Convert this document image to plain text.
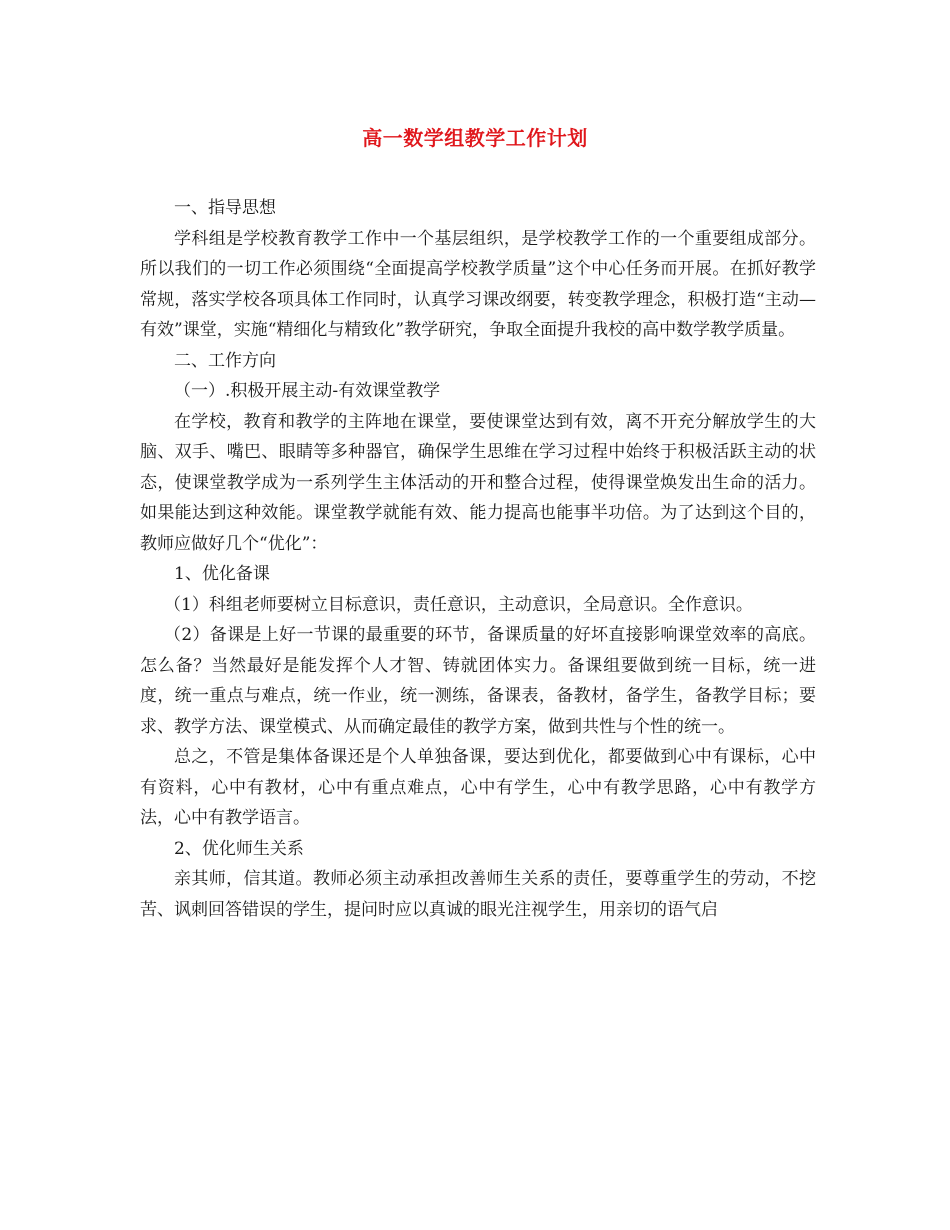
高一数学组教学工作计划

一、指导思想

学科组是学校教育教学工作中一个基层组织，是学校教学工作的一个重要组成部分。所以我们的一切工作必须围绕“全面提高学校教学质量”这个中心任务而开展。在抓好教学常规，落实学校各项具体工作同时，认真学习课改纲要，转变教学理念，积极打造“主动—有效”课堂，实施“精细化与精致化”教学研究，争取全面提升我校的高中数学教学质量。

二、工作方向

（一）.积极开展主动-有效课堂教学

在学校，教育和教学的主阵地在课堂，要使课堂达到有效，离不开充分解放学生的大脑、双手、嘴巴、眼睛等多种器官，确保学生思维在学习过程中始终于积极活跃主动的状态，使课堂教学成为一系列学生主体活动的开和整合过程，使得课堂焕发出生命的活力。如果能达到这种效能。课堂教学就能有效、能力提高也能事半功倍。为了达到这个目的，教师应做好几个“优化”：

1、优化备课

（1）科组老师要树立目标意识，责任意识，主动意识，全局意识。全作意识。

（2）备课是上好一节课的最重要的环节，备课质量的好坏直接影响课堂效率的高底。怎么备？当然最好是能发挥个人才智、铸就团体实力。备课组要做到统一目标，统一进度，统一重点与难点，统一作业，统一测练，备课表，备教材，备学生，备教学目标；要求、教学方法、课堂模式、从而确定最佳的教学方案，做到共性与个性的统一。

总之，不管是集体备课还是个人单独备课，要达到优化，都要做到心中有课标，心中有资料，心中有教材，心中有重点难点，心中有学生，心中有教学思路，心中有教学方法，心中有教学语言。

2、优化师生关系

亲其师，信其道。教师必须主动承担改善师生关系的责任，要尊重学生的劳动，不挖苦、讽刺回答错误的学生，提问时应以真诚的眼光注视学生，用亲切的语气启
